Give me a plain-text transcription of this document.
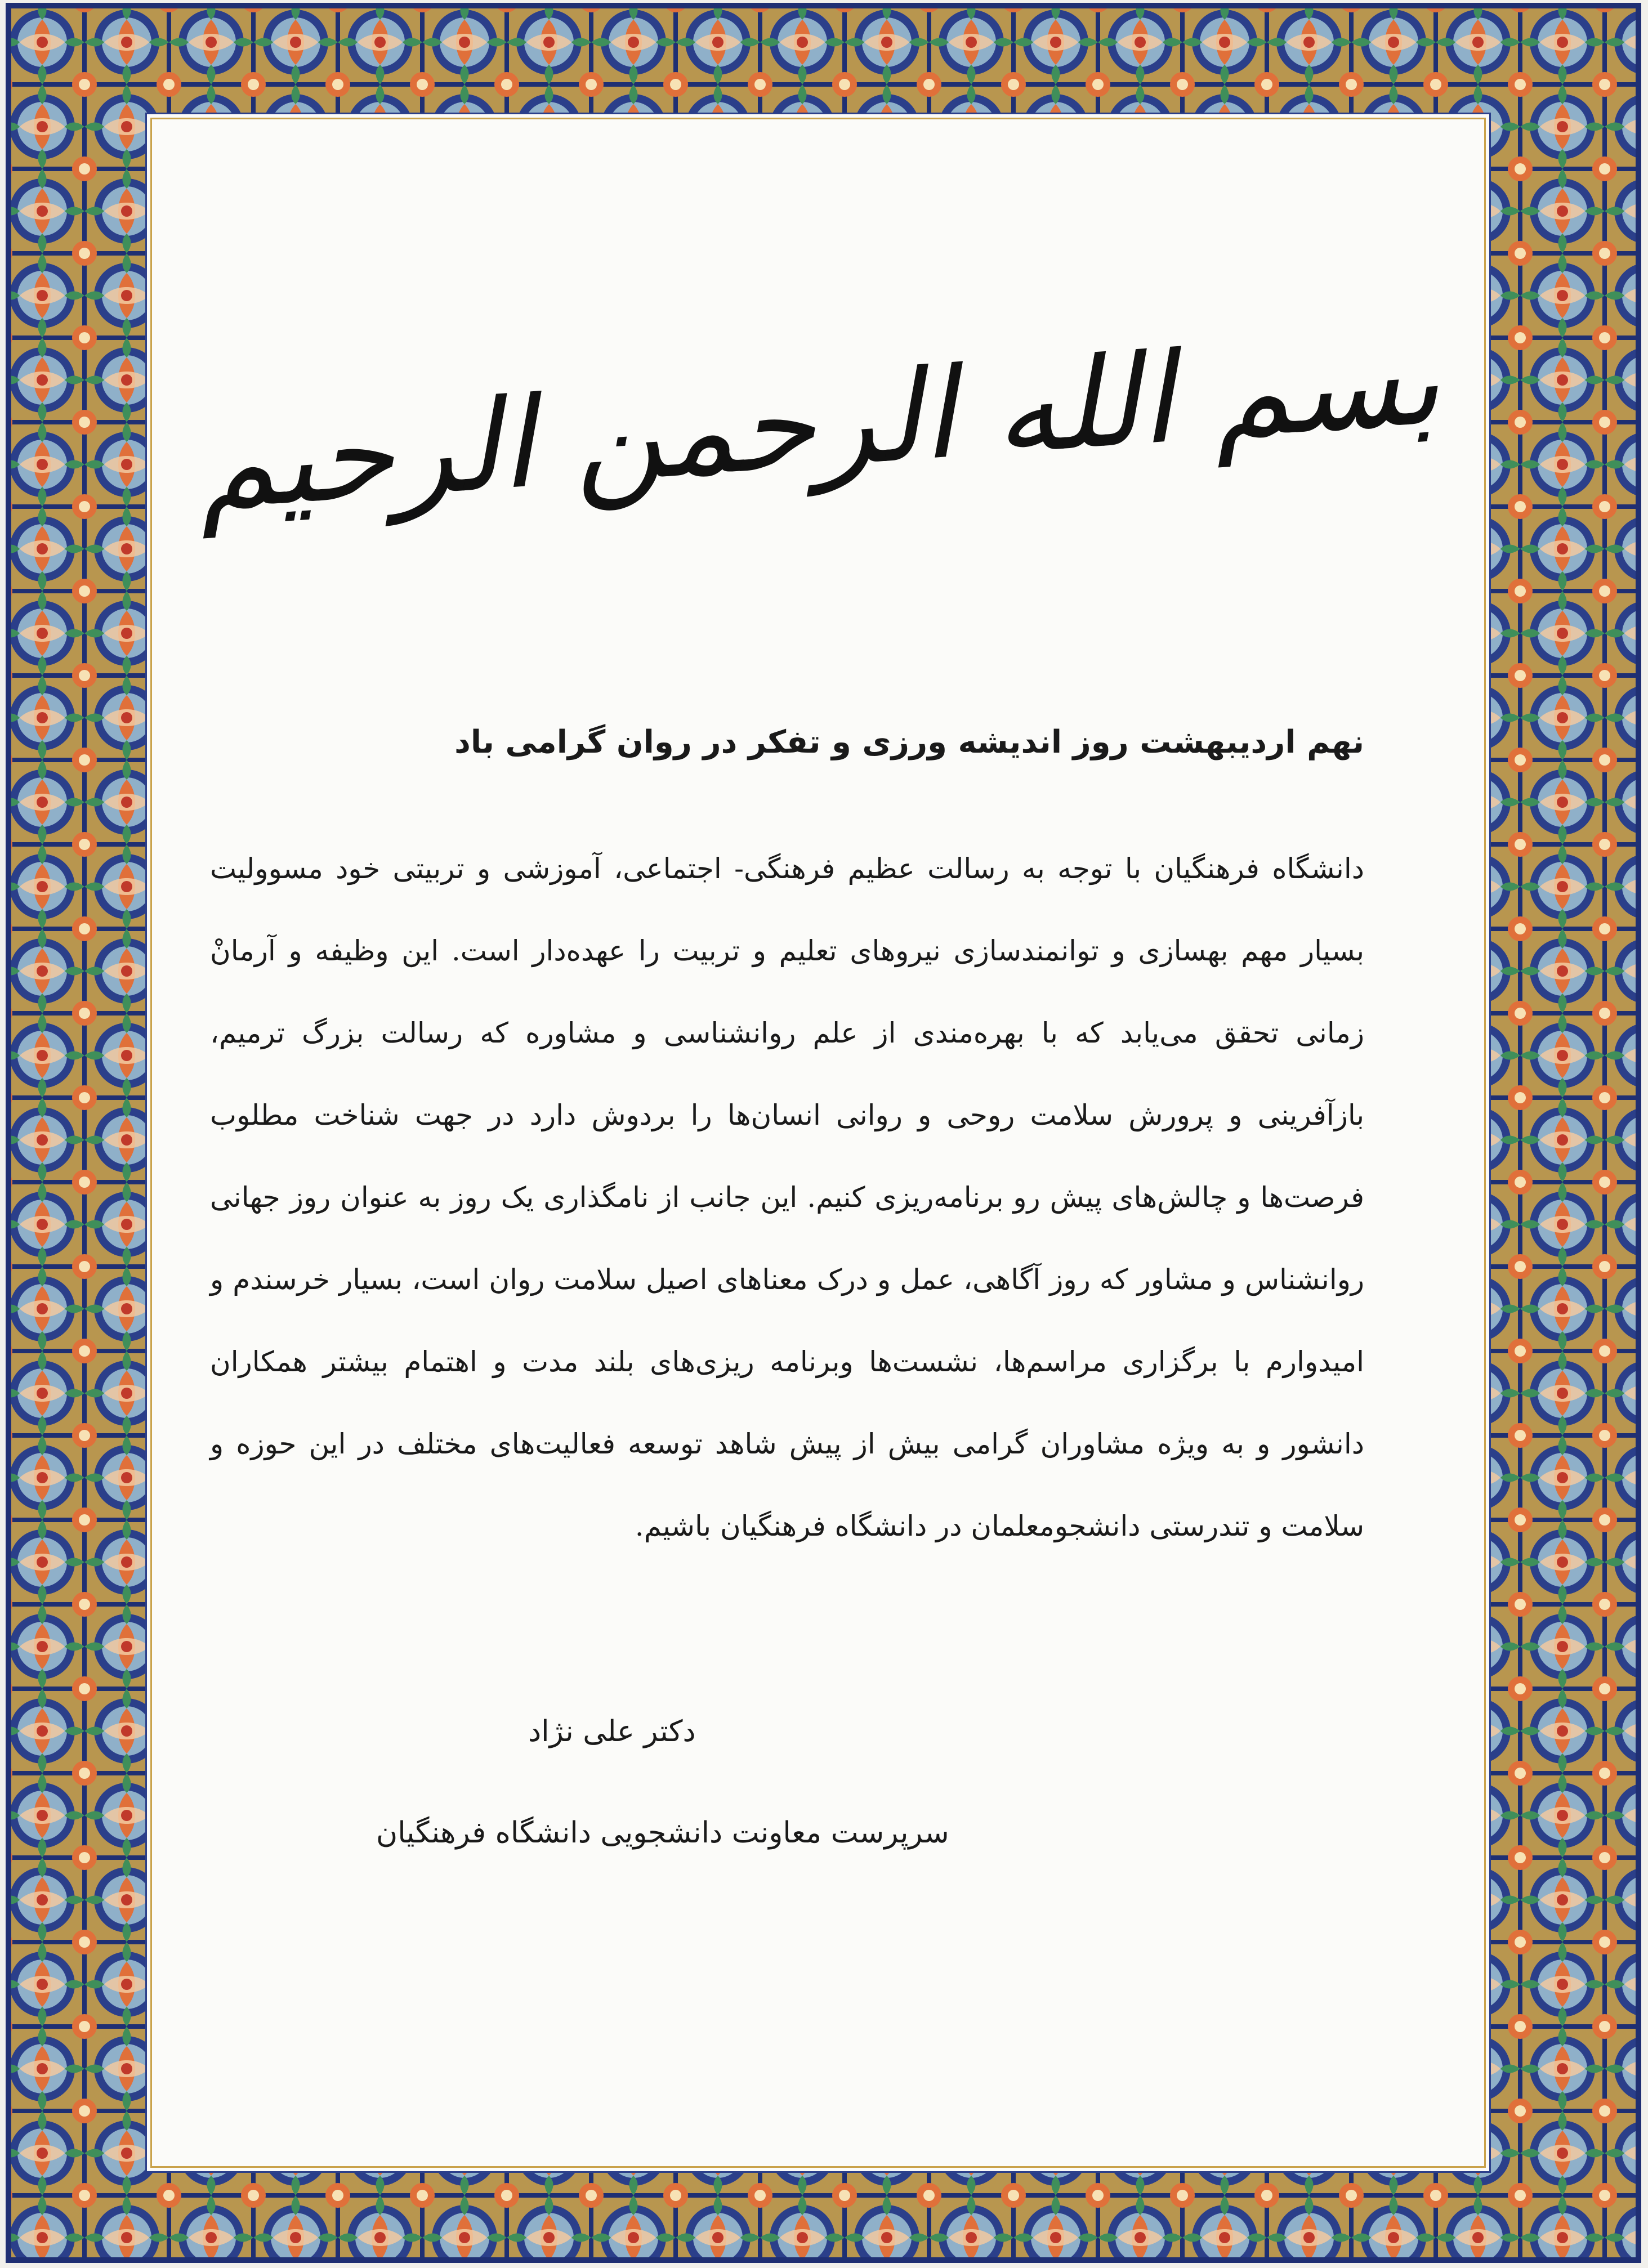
بسم الله الرحمن الرحیم
نهم اردیبهشت روز اندیشه ورزی و تفکر در روان گرامی باد
دانشگاه فرهنگیان با توجه به رسالت عظیم فرهنگی- اجتماعی، آموزشی و تربیتی خود مسوولیت بسیار مهم بهسازی و توانمندسازی نیروهای تعلیم و تربیت را عهده‌دار است. این وظیفه و آرمانْ زمانی تحقق می‌یابد که با بهره‌مندی از علم روانشناسی و مشاوره که رسالت بزرگ ترمیم، بازآفرینی و پرورش سلامت روحی و روانی انسان‌ها را بردوش دارد در جهت شناخت مطلوب فرصت‌ها و چالش‌های پیش رو برنامه‌ریزی کنیم. این جانب از نامگذاری یک روز به عنوان روز جهانی روانشناس و مشاور که روز آگاهی، عمل و درک معناهای اصیل سلامت روان است، بسیار خرسندم و امیدوارم با برگزاری مراسم‌ها، نشست‌ها وبرنامه ریزی‌های بلند مدت و اهتمام بیشتر همکاران دانشور و به ویژه مشاوران گرامی بیش از پیش شاهد توسعه فعالیت‌های مختلف در این حوزه و سلامت و تندرستی دانشجومعلمان در دانشگاه فرهنگیان باشیم.
دکتر علی نژاد
سرپرست معاونت دانشجویی دانشگاه فرهنگیان
